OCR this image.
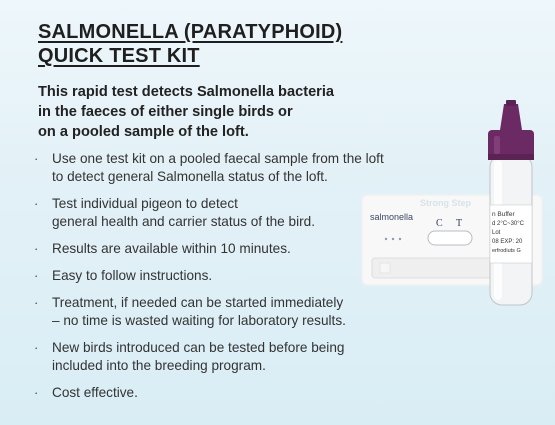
SALMONELLA (PARATYPHOID)
QUICK TEST KIT
This rapid test detects Salmonella bacteria
in the faeces of either single birds or
on a pooled sample of the loft.
· Use one test kit on a pooled faecal sample from the loft
to detect general Salmonella status of the loft.
· Test individual pigeon to detect
general health and carrier status of the bird.
· Results are available within 10 minutes.
· Easy to follow instructions.
· Treatment, if needed can be started immediately
– no time is wasted waiting for laboratory results.
· New birds introduced can be tested before being
included into the breeding program.
· Cost effective.
Strong Step
salmonella
C T
n Buffer
d 2°C~30°C
Lot
08 EXP: 20
erfrodiuts G
